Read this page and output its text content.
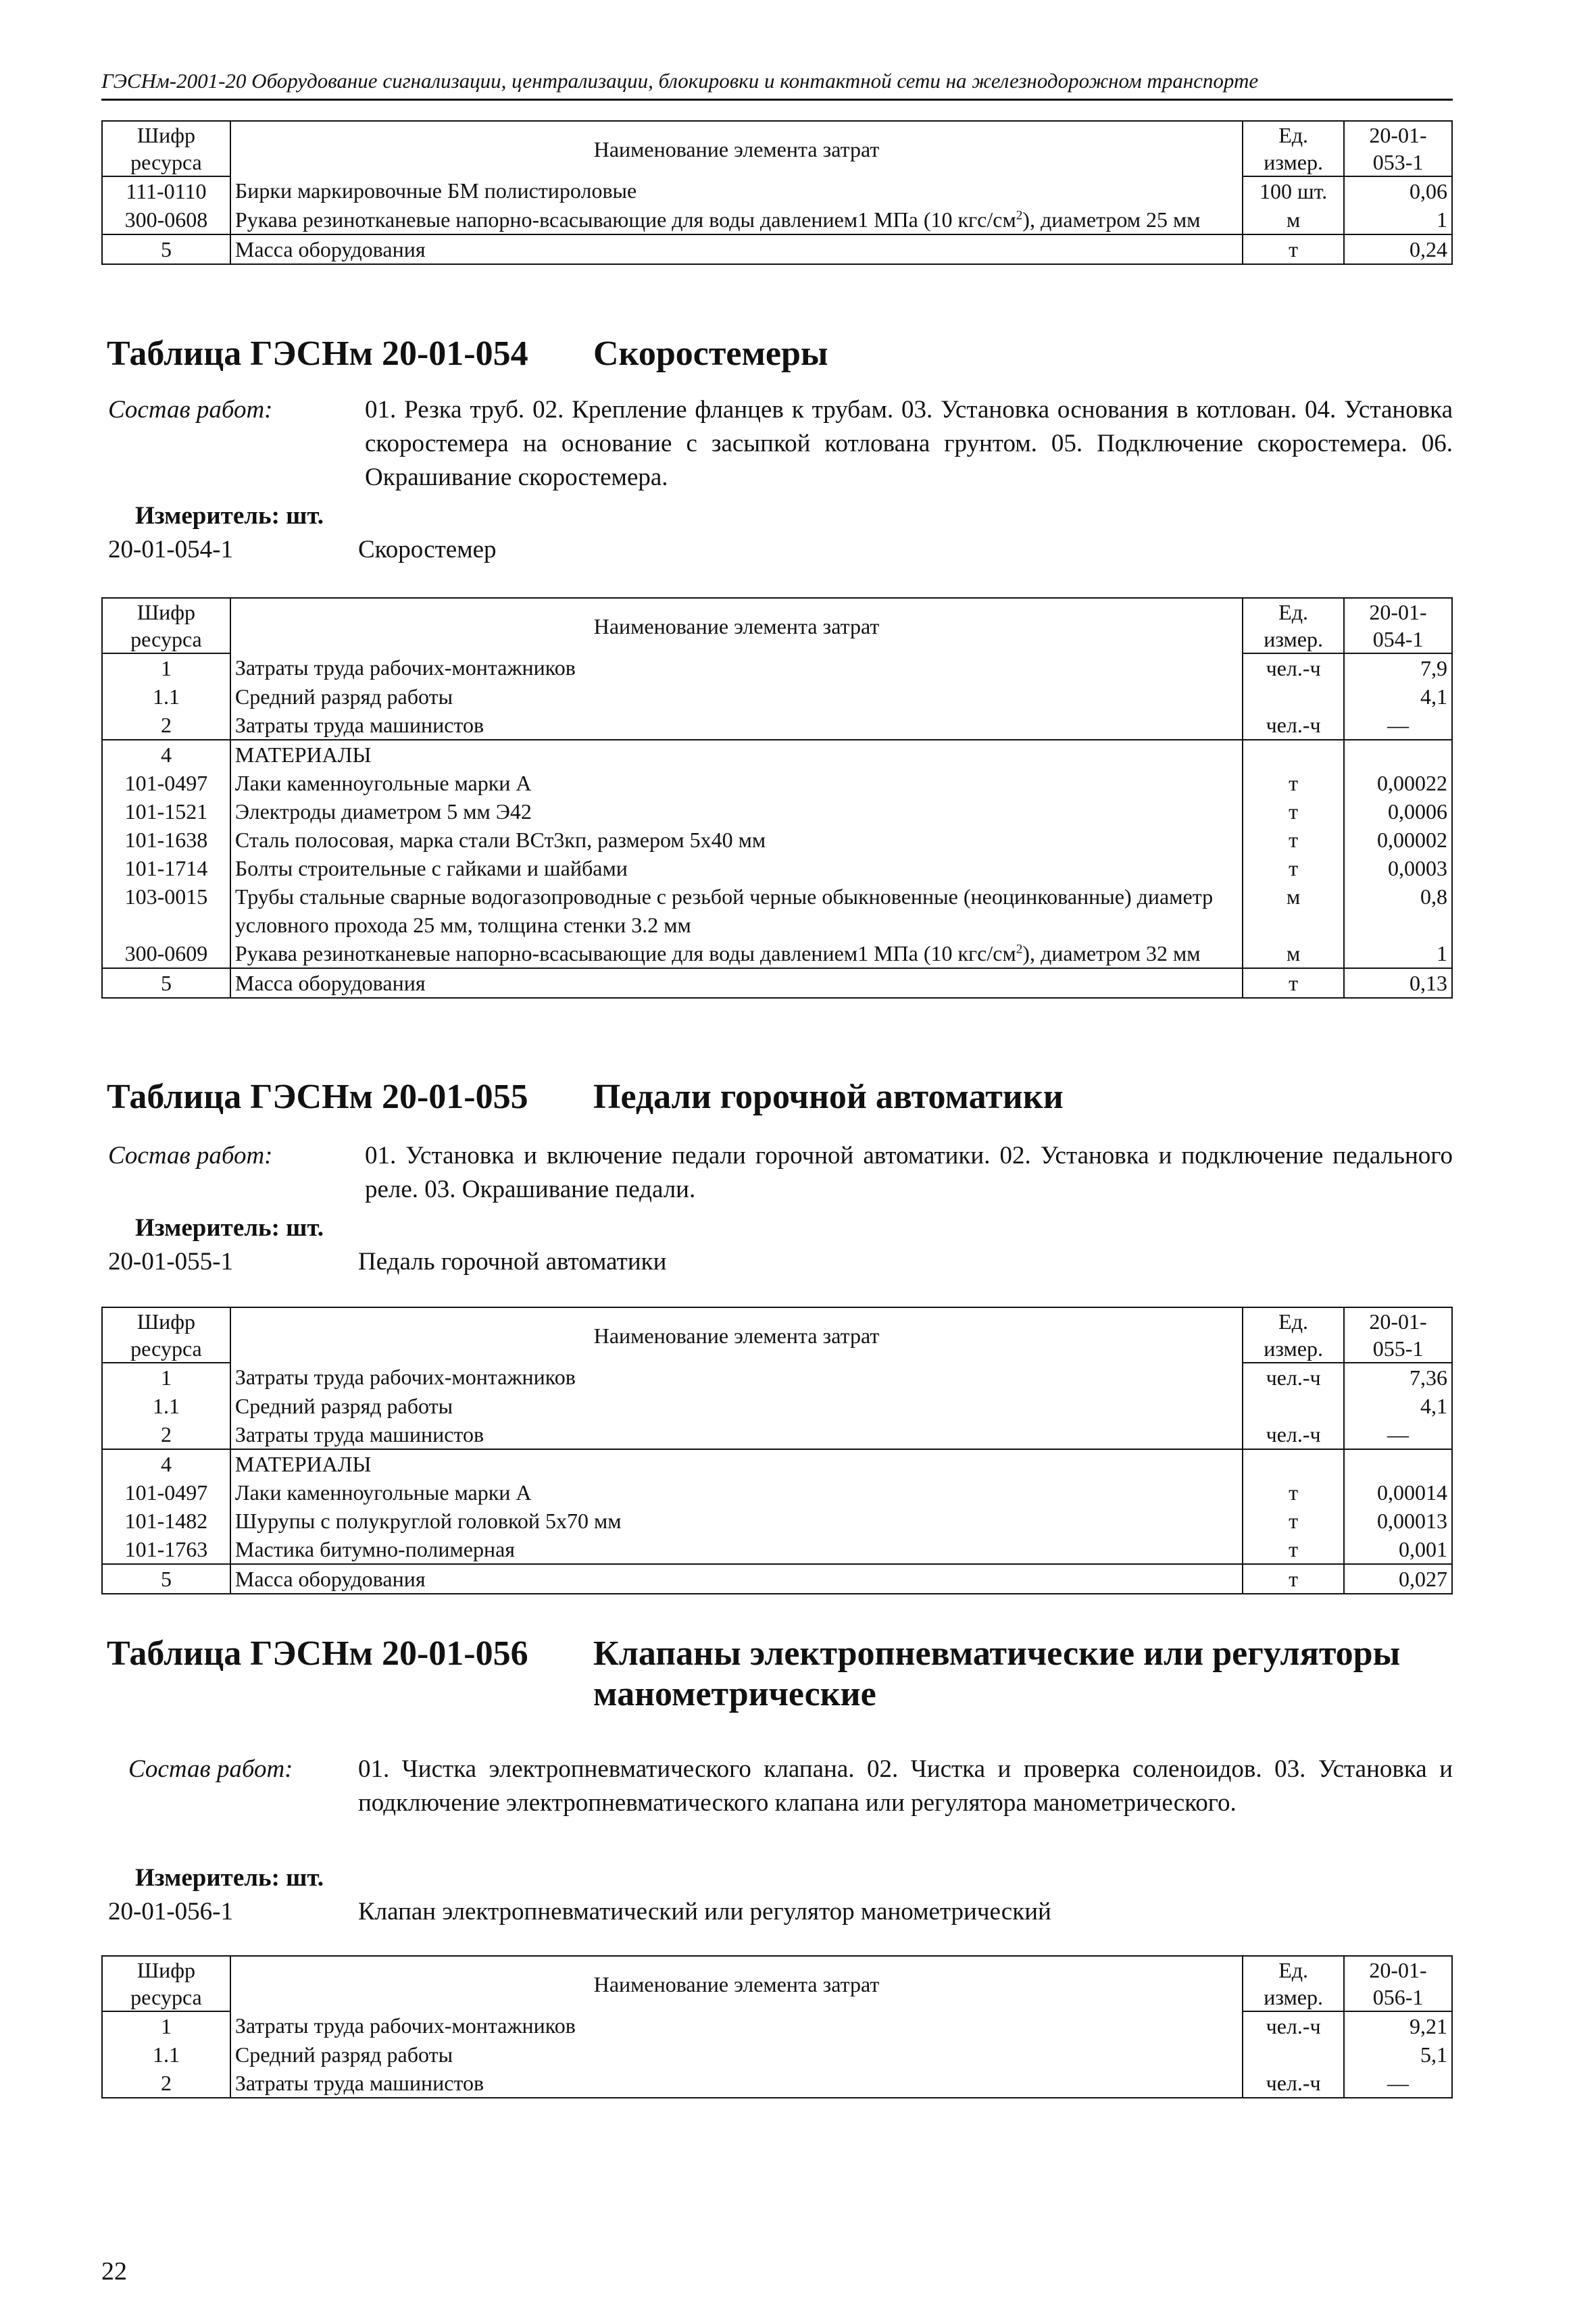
ГЭСНм-2001-20 Оборудование сигнализации, централизации, блокировки и контактной сети на железнодорожном транспорте
Шифр	Наименование элемента затрат	Ед.	20-01-
ресурса		измер.	053-1
111-0110	Бирки маркировочные БМ полистироловые	100 шт.	0,06
300-0608	Рукава резинотканевые напорно-всасывающие для воды давлением1 МПа (10 кгс/$см^2$), диаметром 25 мм	м	1
5	Масса оборудования	т	0,24
Таблица ГЭСНм 20-01-054 Скоростемеры
Состав работ:	01. Резка труб. 02. Крепление фланцев к трубам. 03. Установка основания в котлован. 04. Установка скоростемера на основание с засыпкой котлована грунтом. 05. Подключение скоростемера. 06. Окрашивание скоростемера.
Измеритель: шт.
20-01-054-1	Скоростемер
Шифр	Наименование элемента затрат	Ед.	20-01-
ресурса		измер.	054-1
1	Затраты труда рабочих-монтажников	чел.-ч	7,9
1.1	Средний разряд работы		4,1
2	Затраты труда машинистов	чел.-ч	—
4	МАТЕРИАЛЫ		
101-0497	Лаки каменноугольные марки А	т	0,00022
101-1521	Электроды диаметром 5 мм Э42	т	0,0006
101-1638	Сталь полосовая, марка стали ВСт3кп, размером 5х40 мм	т	0,00002
101-1714	Болты строительные с гайками и шайбами	т	0,0003
103-0015	Трубы стальные сварные водогазопроводные с резьбой черные обыкновенные (неоцинкованные) диаметр условного прохода 25 мм, толщина стенки 3.2 мм	м	0,8
300-0609	Рукава резинотканевые напорно-всасывающие для воды давлением1 МПа (10 кгс/$см^2$), диаметром 32 мм	м	1
5	Масса оборудования	т	0,13
Таблица ГЭСНм 20-01-055 Педали горочной автоматики
Состав работ:	01. Установка и включение педали горочной автоматики. 02. Установка и подключение педального реле. 03. Окрашивание педали.
Измеритель: шт.
20-01-055-1	Педаль горочной автоматики
Шифр	Наименование элемента затрат	Ед.	20-01-
ресурса		измер.	055-1
1	Затраты труда рабочих-монтажников	чел.-ч	7,36
1.1	Средний разряд работы		4,1
2	Затраты труда машинистов	чел.-ч	—
4	МАТЕРИАЛЫ		
101-0497	Лаки каменноугольные марки А	т	0,00014
101-1482	Шурупы с полукруглой головкой 5х70 мм	т	0,00013
101-1763	Мастика битумно-полимерная	т	0,001
5	Масса оборудования	т	0,027
Таблица ГЭСНм 20-01-056 Клапаны электропневматические или регуляторы манометрические
Состав работ:	01. Чистка электропневматического клапана. 02. Чистка и проверка соленоидов. 03. Установка и подключение электропневматического клапана или регулятора манометрического.
Измеритель: шт.
20-01-056-1	Клапан электропневматический или регулятор манометрический
Шифр	Наименование элемента затрат	Ед.	20-01-
ресурса		измер.	056-1
1	Затраты труда рабочих-монтажников	чел.-ч	9,21
1.1	Средний разряд работы		5,1
2	Затраты труда машинистов	чел.-ч	—
22
